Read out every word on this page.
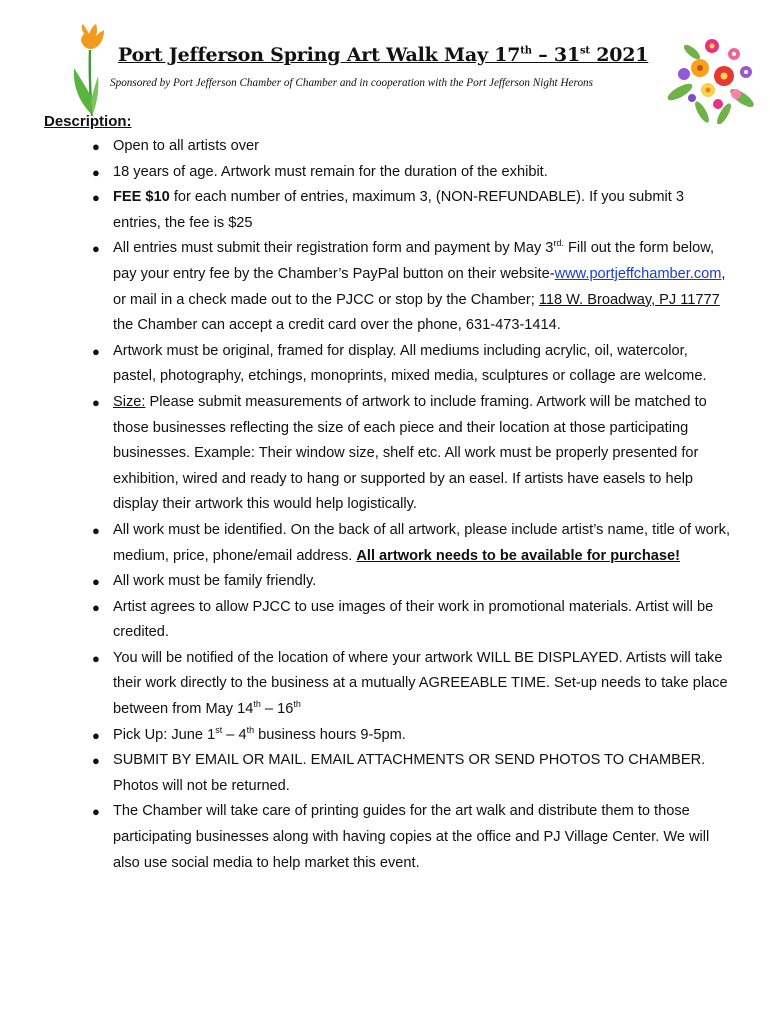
Port Jefferson Spring Art Walk May 17th – 31st 2021

Sponsored by Port Jefferson Chamber of Chamber and in cooperation with the Port Jefferson Night Herons

Description:

● Open to all artists over
● 18 years of age. Artwork must remain for the duration of the exhibit.
● FEE $10 for each number of entries, maximum 3, (NON-REFUNDABLE). If you submit 3 entries, the fee is $25
● All entries must submit their registration form and payment by May $3^{rd.}$ Fill out the form below, pay your entry fee by the Chamber’s PayPal button on their website-www.portjeffchamber.com, or mail in a check made out to the PJCC or stop by the Chamber; 118 W. Broadway, PJ 11777 the Chamber can accept a credit card over the phone, 631-473-1414.
● Artwork must be original, framed for display. All mediums including acrylic, oil, watercolor, pastel, photography, etchings, monoprints, mixed media, sculptures or collage are welcome.
● Size: Please submit measurements of artwork to include framing. Artwork will be matched to those businesses reflecting the size of each piece and their location at those participating businesses. Example: Their window size, shelf etc. All work must be properly presented for exhibition, wired and ready to hang or supported by an easel. If artists have easels to help display their artwork this would help logistically.
● All work must be identified. On the back of all artwork, please include artist’s name, title of work, medium, price, phone/email address. All artwork needs to be available for purchase!
● All work must be family friendly.
● Artist agrees to allow PJCC to use images of their work in promotional materials. Artist will be credited.
● You will be notified of the location of where your artwork WILL BE DISPLAYED. Artists will take their work directly to the business at a mutually AGREEABLE TIME. Set-up needs to take place between from May 14th – 16th
● Pick Up: June 1st – 4th business hours 9-5pm.
● SUBMIT BY EMAIL OR MAIL. EMAIL ATTACHMENTS OR SEND PHOTOS TO CHAMBER. Photos will not be returned.
● The Chamber will take care of printing guides for the art walk and distribute them to those participating businesses along with having copies at the office and PJ Village Center. We will also use social media to help market this event.
